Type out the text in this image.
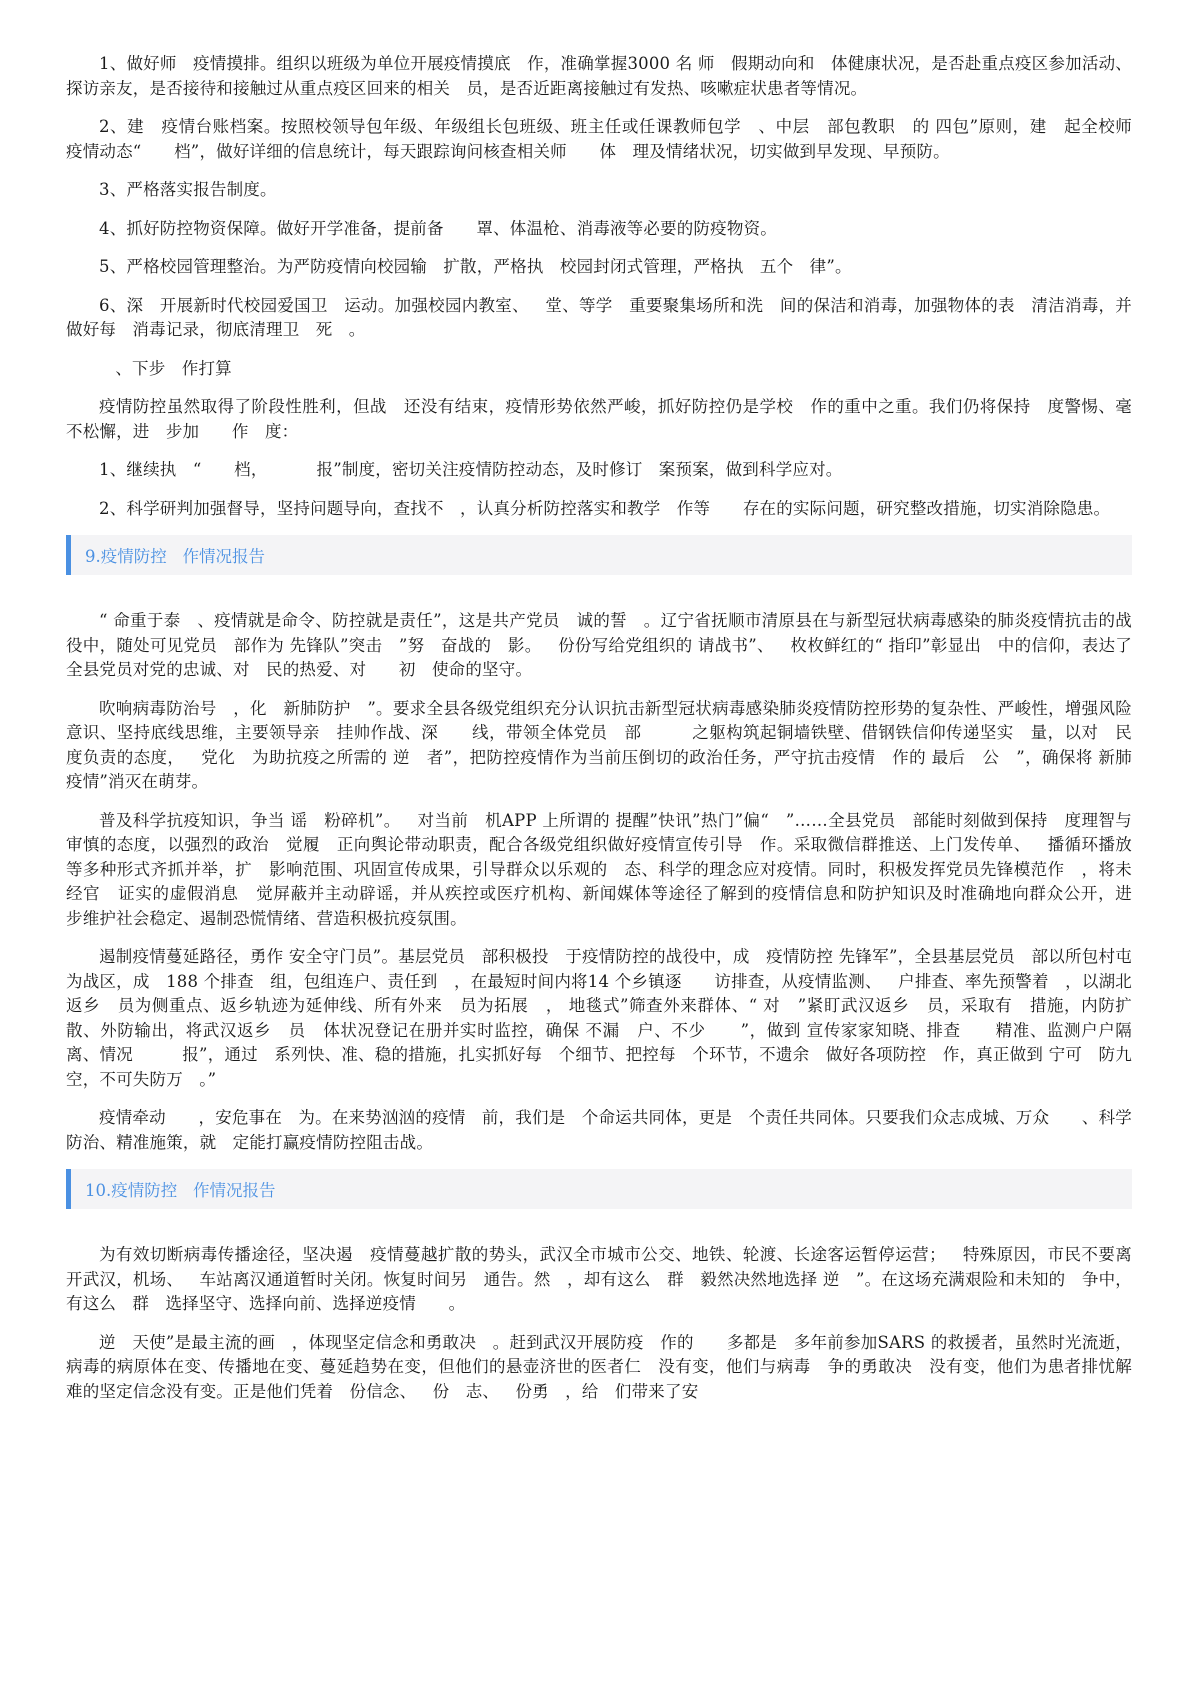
1、做好师   疫情摸排。组织以班级为单位开展疫情摸底   作，准确掌握3000 名 师   假期动向和   体健康状况，是否赴重点疫区参加活动、探访亲友，是否接待和接触过从重点疫区回来的相关   员，是否近距离接触过有发热、咳嗽症状患者等情况。

2、建   疫情台账档案。按照校领导包年级、年级组长包班级、班主任或任课教师包学   、中层   部包教职   的 四包”原则，建   起全校师   疫情动态“      档”，做好详细的信息统计，每天跟踪询问核查相关师      体   理及情绪状况，切实做到早发现、早预防。

3、严格落实报告制度。

4、抓好防控物资保障。做好开学准备，提前备      罩、体温枪、消毒液等必要的防疫物资。

5、严格校园管理整治。为严防疫情向校园输   扩散，严格执   校园封闭式管理，严格执   五个   律”。

6、深   开展新时代校园爱国卫   运动。加强校园内教室、   堂、等学   重要聚集场所和洗   间的保洁和消毒，加强物体的表   清洁消毒，并做好每   消毒记录，彻底清理卫   死   。

、下步   作打算

疫情防控虽然取得了阶段性胜利，但战   还没有结束，疫情形势依然严峻，抓好防控仍是学校   作的重中之重。我们仍将保持   度警惕、毫不松懈，进   步加      作   度：

1、继续执   “      档，         报”制度，密切关注疫情防控动态，及时修订   案预案，做到科学应对。

2、科学研判加强督导，坚持问题导向，查找不   ，认真分析防控落实和教学   作等      存在的实际问题，研究整改措施，切实消除隐患。

9.疫情防控   作情况报告

“ 命重于泰   、疫情就是命令、防控就是责任”，这是共产党员   诚的誓   。辽宁省抚顺市清原县在与新型冠状病毒感染的肺炎疫情抗击的战役中，随处可见党员   部作为 先锋队”突击   ”努   奋战的   影。   份份写给党组织的 请战书”、   枚枚鲜红的“ 指印”彰显出   中的信仰，表达了全县党员对党的忠诚、对   民的热爱、对      初   使命的坚守。

吹响病毒防治号   ，化   新肺防护   ”。要求全县各级党组织充分认识抗击新型冠状病毒感染肺炎疫情防控形势的复杂性、严峻性，增强风险意识、坚持底线思维，主要领导亲   挂帅作战、深      线，带领全体党员   部         之躯构筑起铜墙铁壁、借钢铁信仰传递坚实   量，以对   民   度负责的态度，   党化   为助抗疫之所需的 逆   者”，把防控疫情作为当前压倒切的政治任务，严守抗击疫情   作的 最后   公   ”，确保将 新肺疫情”消灭在萌芽。

普及科学抗疫知识，争当 谣   粉碎机”。   对当前   机APP 上所谓的 提醒”快讯”热门”偏“   ”……全县党员   部能时刻做到保持   度理智与审慎的态度，以强烈的政治   觉履   正向舆论带动职责，配合各级党组织做好疫情宣传引导   作。采取微信群推送、上门发传单、   播循环播放等多种形式齐抓并举，扩   影响范围、巩固宣传成果，引导群众以乐观的   态、科学的理念应对疫情。同时，积极发挥党员先锋模范作   ，将未经官   证实的虚假消息   觉屏蔽并主动辟谣，并从疾控或医疗机构、新闻媒体等途径了解到的疫情信息和防护知识及时准确地向群众公开，进   步维护社会稳定、遏制恐慌情绪、营造积极抗疫氛围。

遏制疫情蔓延路径，勇作 安全守门员”。基层党员   部积极投   于疫情防控的战役中，成   疫情防控 先锋军”，全县基层党员   部以所包村屯为战区，成   188 个排查   组，包组连户、责任到   ，在最短时间内将14 个乡镇逐      访排查，从疫情监测、   户排查、率先预警着   ，以湖北返乡   员为侧重点、返乡轨迹为延伸线、所有外来   员为拓展   ， 地毯式”筛查外来群体、“ 对   ”紧盯武汉返乡   员，采取有   措施，内防扩散、外防输出，将武汉返乡   员   体状况登记在册并实时监控，确保 不漏   户、不少      ”，做到 宣传家家知晓、排查      精准、监测户户隔离、情况         报”，通过   系列快、准、稳的措施，扎实抓好每   个细节、把控每   个环节，不遗余   做好各项防控   作，真正做到 宁可   防九空，不可失防万   。”

疫情牵动      ，安危事在   为。在来势汹汹的疫情   前，我们是   个命运共同体，更是   个责任共同体。只要我们众志成城、万众      、科学防治、精准施策，就   定能打赢疫情防控阻击战。

10.疫情防控   作情况报告

为有效切断病毒传播途径，坚决遏   疫情蔓越扩散的势头，武汉全市城市公交、地铁、轮渡、长途客运暂停运营；   特殊原因，市民不要离开武汉，机场、   车站离汉通道暂时关闭。恢复时间另   通告。然   ，却有这么   群   毅然决然地选择 逆   ”。在这场充满艰险和未知的   争中，有这么   群   选择坚守、选择向前、选择逆疫情      。

逆   天使”是最主流的画   ，体现坚定信念和勇敢决   。赶到武汉开展防疫   作的      多都是   多年前参加SARS 的救援者，虽然时光流逝，病毒的病原体在变、传播地在变、蔓延趋势在变，但他们的悬壶济世的医者仁   没有变，他们与病毒   争的勇敢决   没有变，他们为患者排忧解难的坚定信念没有变。正是他们凭着   份信念、   份   志、   份勇   ，给   们带来了安
